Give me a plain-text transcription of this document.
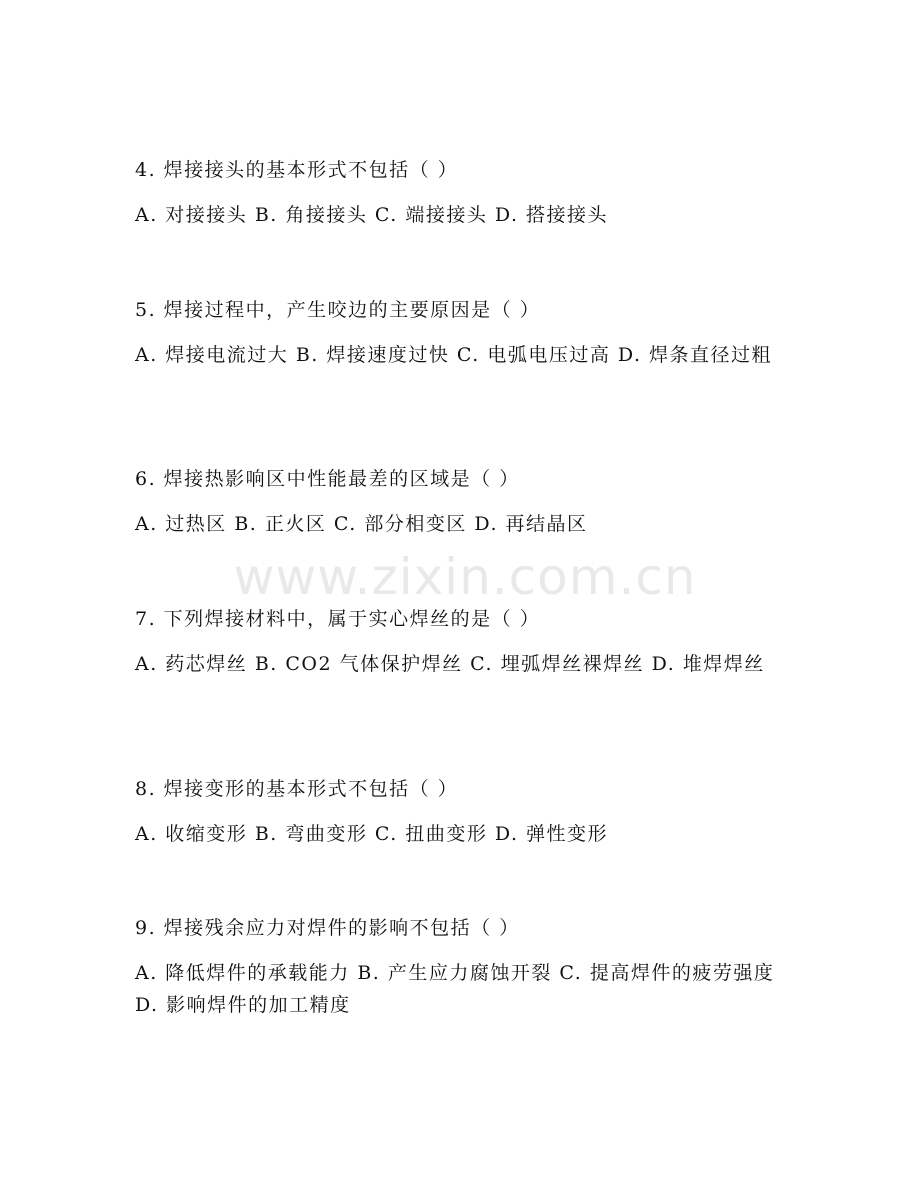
4. 焊接接头的基本形式不包括（ ）
A. 对接接头 B. 角接接头 C. 端接接头 D. 搭接接头
5. 焊接过程中，产生咬边的主要原因是（ ）
A. 焊接电流过大 B. 焊接速度过快 C. 电弧电压过高 D. 焊条直径过粗
6. 焊接热影响区中性能最差的区域是（ ）
A. 过热区 B. 正火区 C. 部分相变区 D. 再结晶区
7. 下列焊接材料中，属于实心焊丝的是（ ）
A. 药芯焊丝 B. CO2 气体保护焊丝 C. 埋弧焊丝裸焊丝 D. 堆焊焊丝
8. 焊接变形的基本形式不包括（ ）
A. 收缩变形 B. 弯曲变形 C. 扭曲变形 D. 弹性变形
9. 焊接残余应力对焊件的影响不包括（ ）
A. 降低焊件的承载能力 B. 产生应力腐蚀开裂 C. 提高焊件的疲劳强度 D. 影响焊件的加工精度
www.zixin.com.cn
